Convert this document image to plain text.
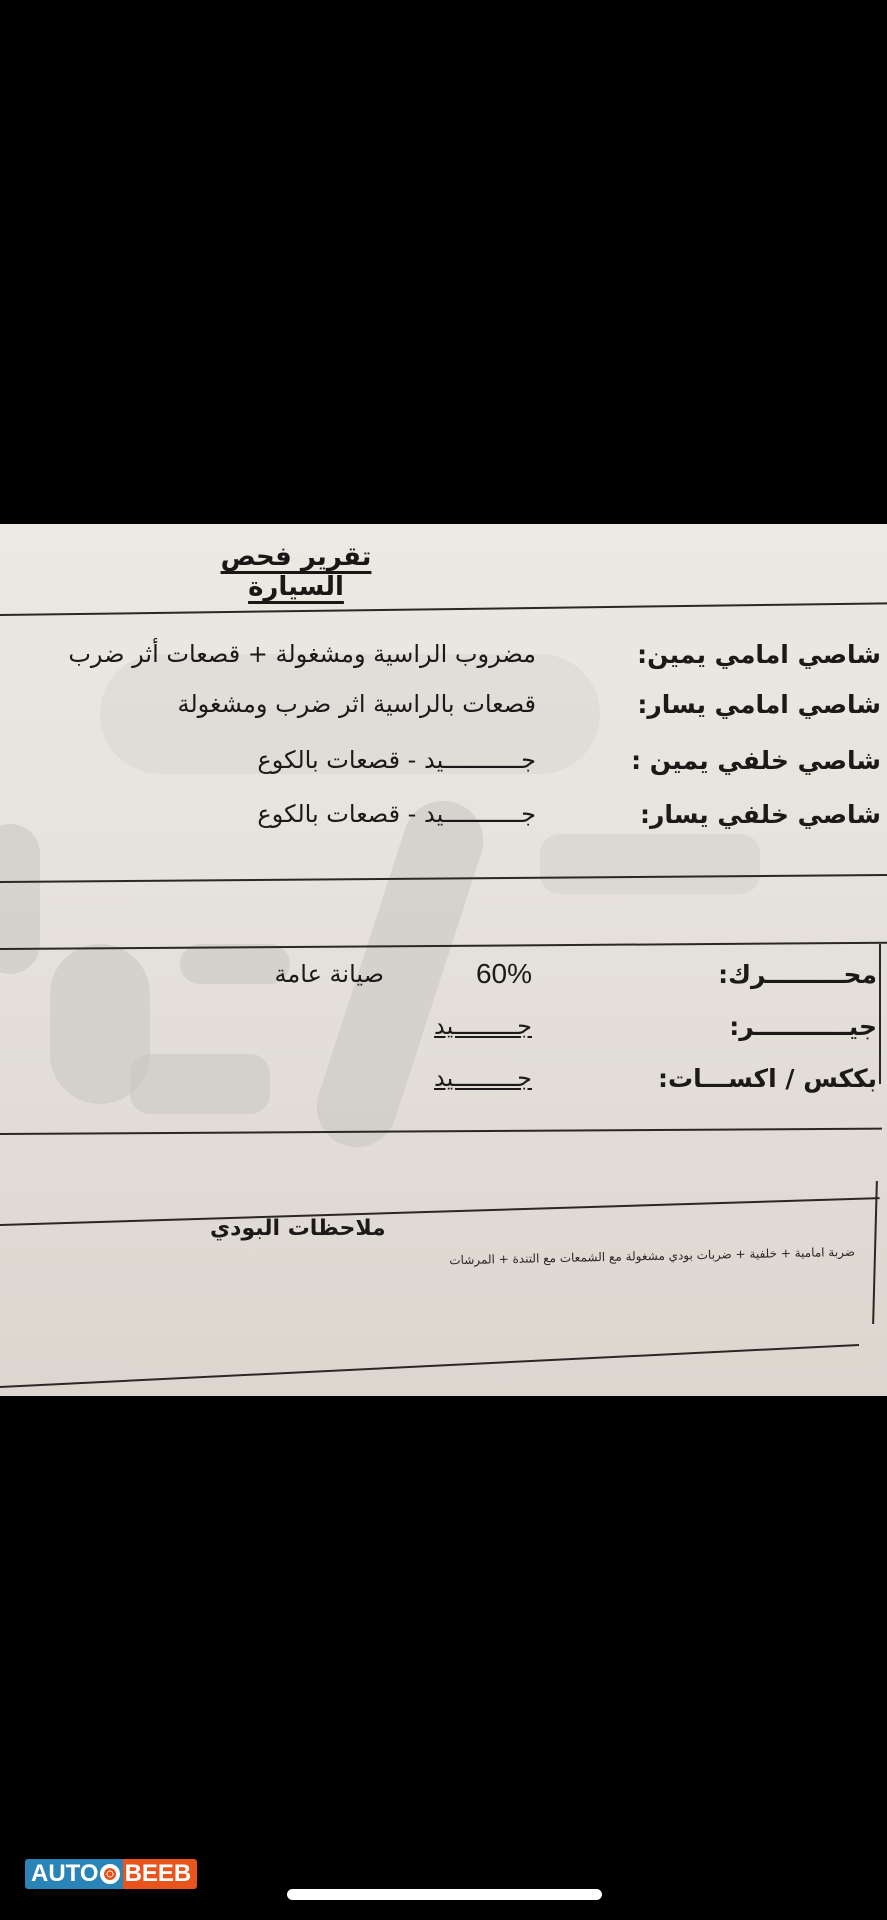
تقرير فحص السيارة
شاصي امامي يمين:
مضروب الراسية ومشغولة + قصعات أثر ضرب
شاصي امامي يسار:
قصعات بالراسية اثر ضرب ومشغولة
شاصي خلفي يمين :
جـــــــــــيد - قصعات بالكوع
شاصي خلفي يسار:
جـــــــــــيد - قصعات بالكوع
محـــــــــرك:
60%
صيانة عامة
جيـــــــــــر:
جـــــــــيد
بككس / اكســـات:
جـــــــــيد
ملاحظات البودي
ضربة امامية + خلفية + ضربات بودي مشغولة مع الشمعات مع التندة + المرشات
AUTO BEEB
